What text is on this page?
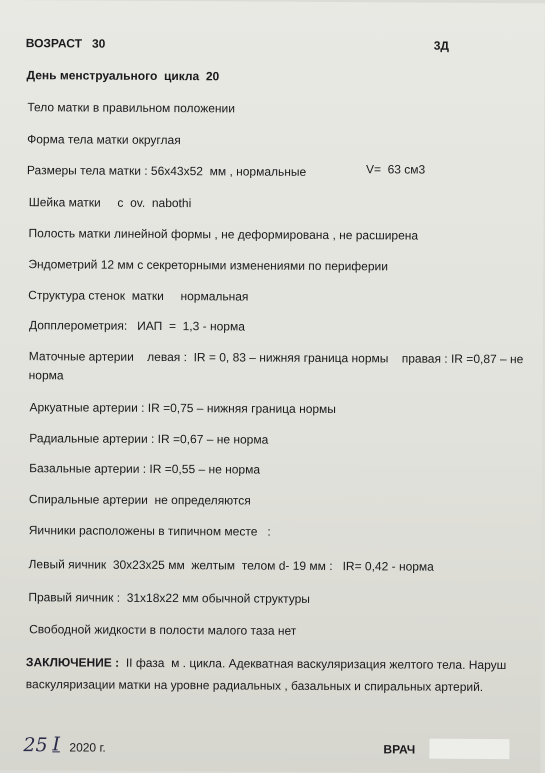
ВОЗРАСТ   30	3Д
День менструального  цикла  20
Тело матки в правильном положении
Форма тела матки округлая
Размеры тела матки : 56x43x52  мм , нормальные	V=  63 см3
Шейка матки     с  ov.  nabothi
Полость матки линейной формы , не деформирована , не расширена
Эндометрий 12 мм с секреторными изменениями по периферии
Структура стенок  матки     нормальная
Допплерометрия:   ИАП  =  1,3 - норма
Маточные артерии    левая :  IR = 0, 83 – нижняя граница нормы    правая : IR =0,87 – не
норма
Аркуатные артерии : IR =0,75 – нижняя граница нормы
Радиальные артерии : IR =0,67 – не норма
Базальные артерии : IR =0,55 – не норма
Спиральные артерии  не определяются
Яичники расположены в типичном месте   :
Левый яичник  30x23x25 мм  желтым  телом d- 19 мм :   IR= 0,42 - норма
Правый яичник :  31x18x22 мм обычной структуры
Свободной жидкости в полости малого таза нет
ЗАКЛЮЧЕНИЕ :  II фаза  м . цикла. Адекватная васкуляризация желтого тела. Наруш
васкуляризации матки на уровне радиальных , базальных и спиральных артерий.
25 I 2020 г.	ВРАЧ
